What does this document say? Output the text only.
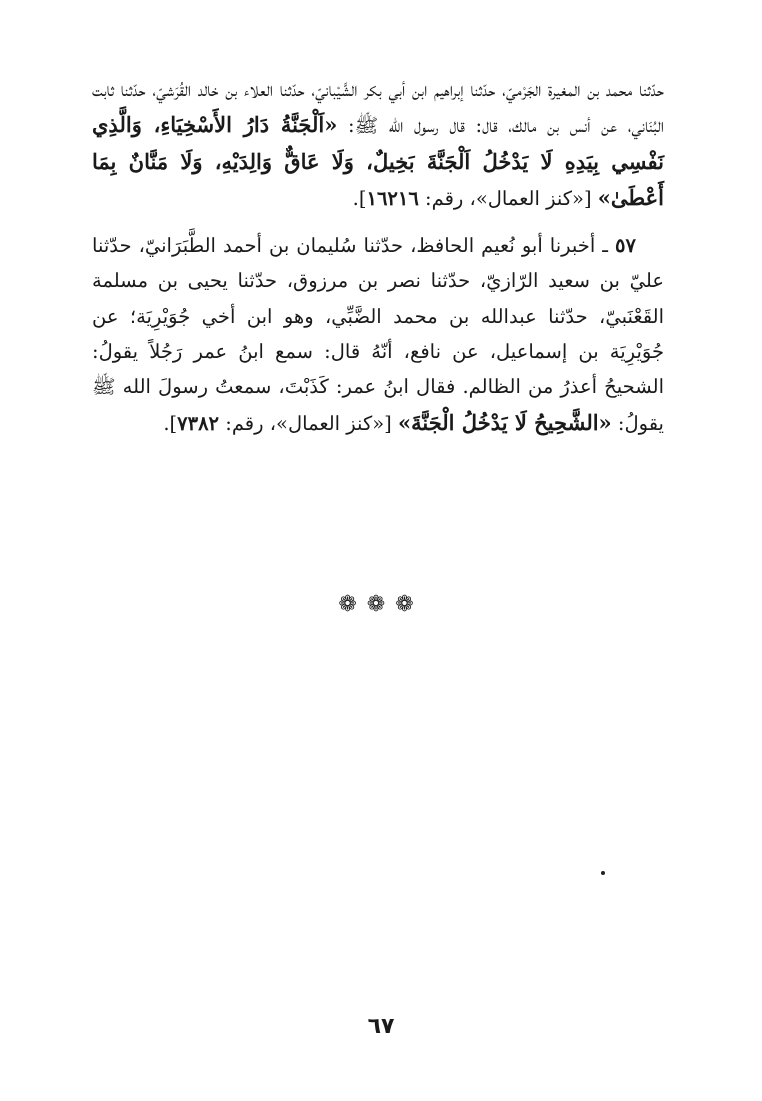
حدّثنا محمد بن المغيرة الجَرْميّ، حدّثنا إبراهيم ابن أبي بكر الشَّيْبانيّ، حدّثنا العلاء بن خالد القُرَشيّ، حدّثنا ثابت البُنَاني، عن أنس بن مالك، قال: قال رسول الله ﷺ: «اَلْجَنَّةُ دَارُ الأَسْخِيَاءِ، وَالَّذِي نَفْسِي بِيَدِهِ لَا يَدْخُلُ اَلْجَنَّةَ بَخِيلٌ، وَلَا عَاقٌّ وَالِدَيْهِ، وَلَا مَنَّانٌ بِمَا أَعْطَىٰ» [«كنز العمال»، رقم: ١٦٢١٦].

٥٧ ـ أخبرنا أبو نُعيم الحافظ، حدّثنا سُليمان بن أحمد الطَّبَرَانيّ، حدّثنا عليّ بن سعيد الرّازيّ، حدّثنا نصر بن مرزوق، حدّثنا يحيى بن مسلمة القَعْنَبيّ، حدّثنا عبدالله بن محمد الضَّبِّي، وهو ابن أخي جُوَيْرِيَة؛ عن جُوَيْرِيَة بن إسماعيل، عن نافع، أنّهُ قال: سمع ابنُ عمر رَجُلاً يقولُ: الشحيحُ أعذرُ من الظالم. فقال ابنُ عمر: كَذَبْتَ، سمعتُ رسولَ الله ﷺ يقولُ: «الشَّحِيحُ لَا يَدْخُلُ الْجَنَّةَ» [«كنز العمال»، رقم: ٧٣٨٢].

❁❁❁
٦٧
